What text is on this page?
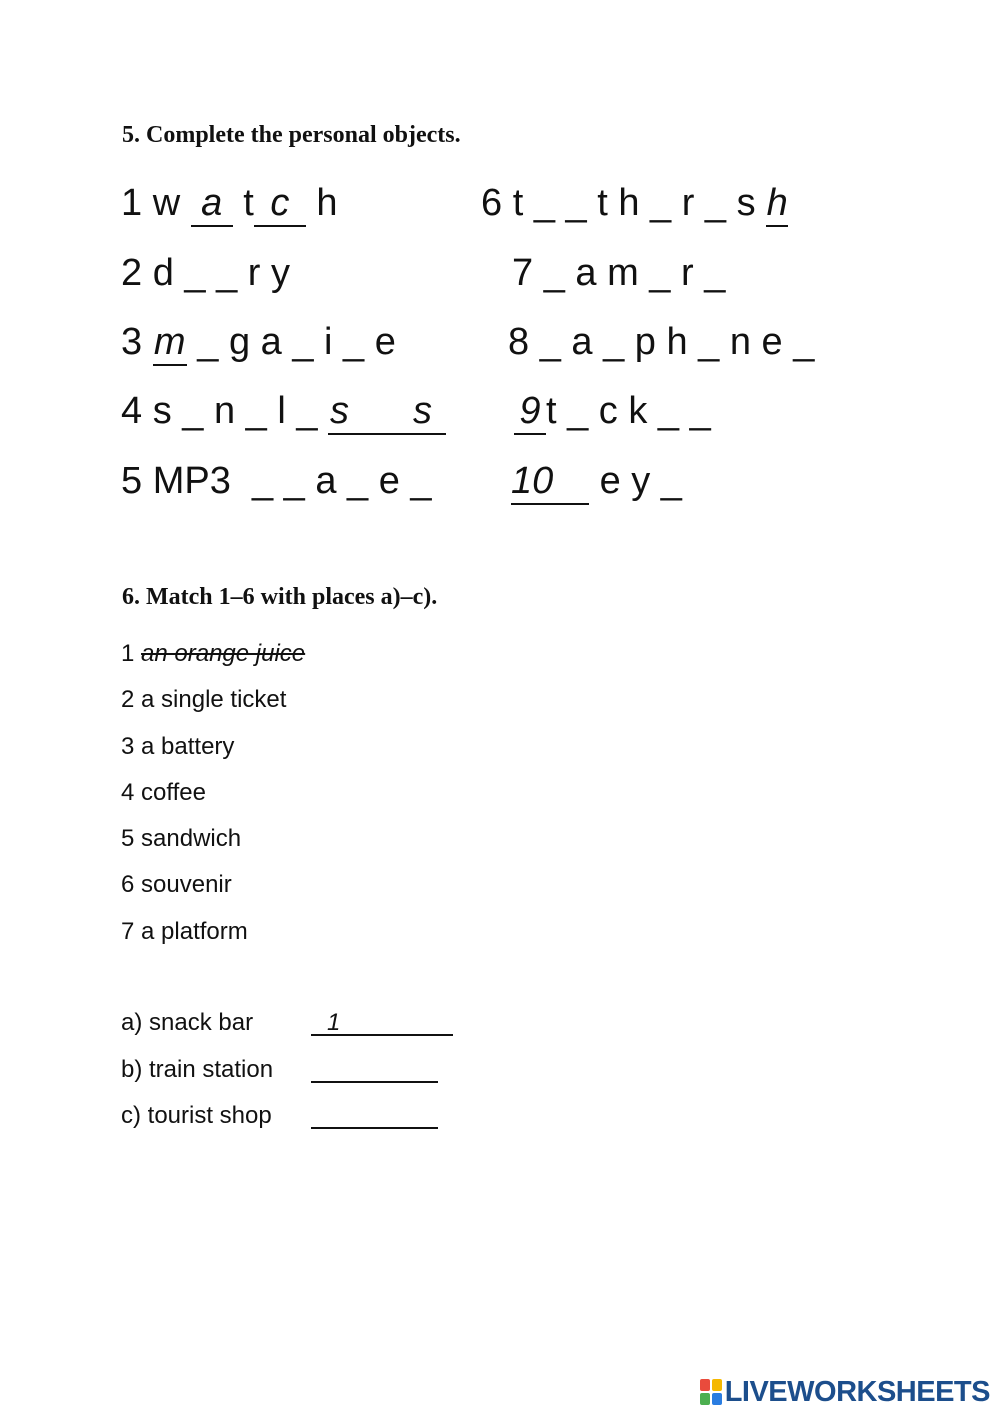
5. Complete the personal objects.
1 w a t c h
2 d _ _ r y
3 m _ g a _ i _ e
4 s _ n _ l _ s s
5 MP3  _ _ a _ e _
6 t _ _ t h _ r _ s h
7 _ a m _ r _
8 _ a _ p h _ n e _
9 t _ c k _ _
10 e y _
6. Match 1–6 with places a)–c).
1 an orange juice
2 a single ticket
3 a battery
4 coffee
5 sandwich
6 souvenir
7 a platform
a) snack bar	1
b) train station
c) tourist shop
LIVEWORKSHEETS
